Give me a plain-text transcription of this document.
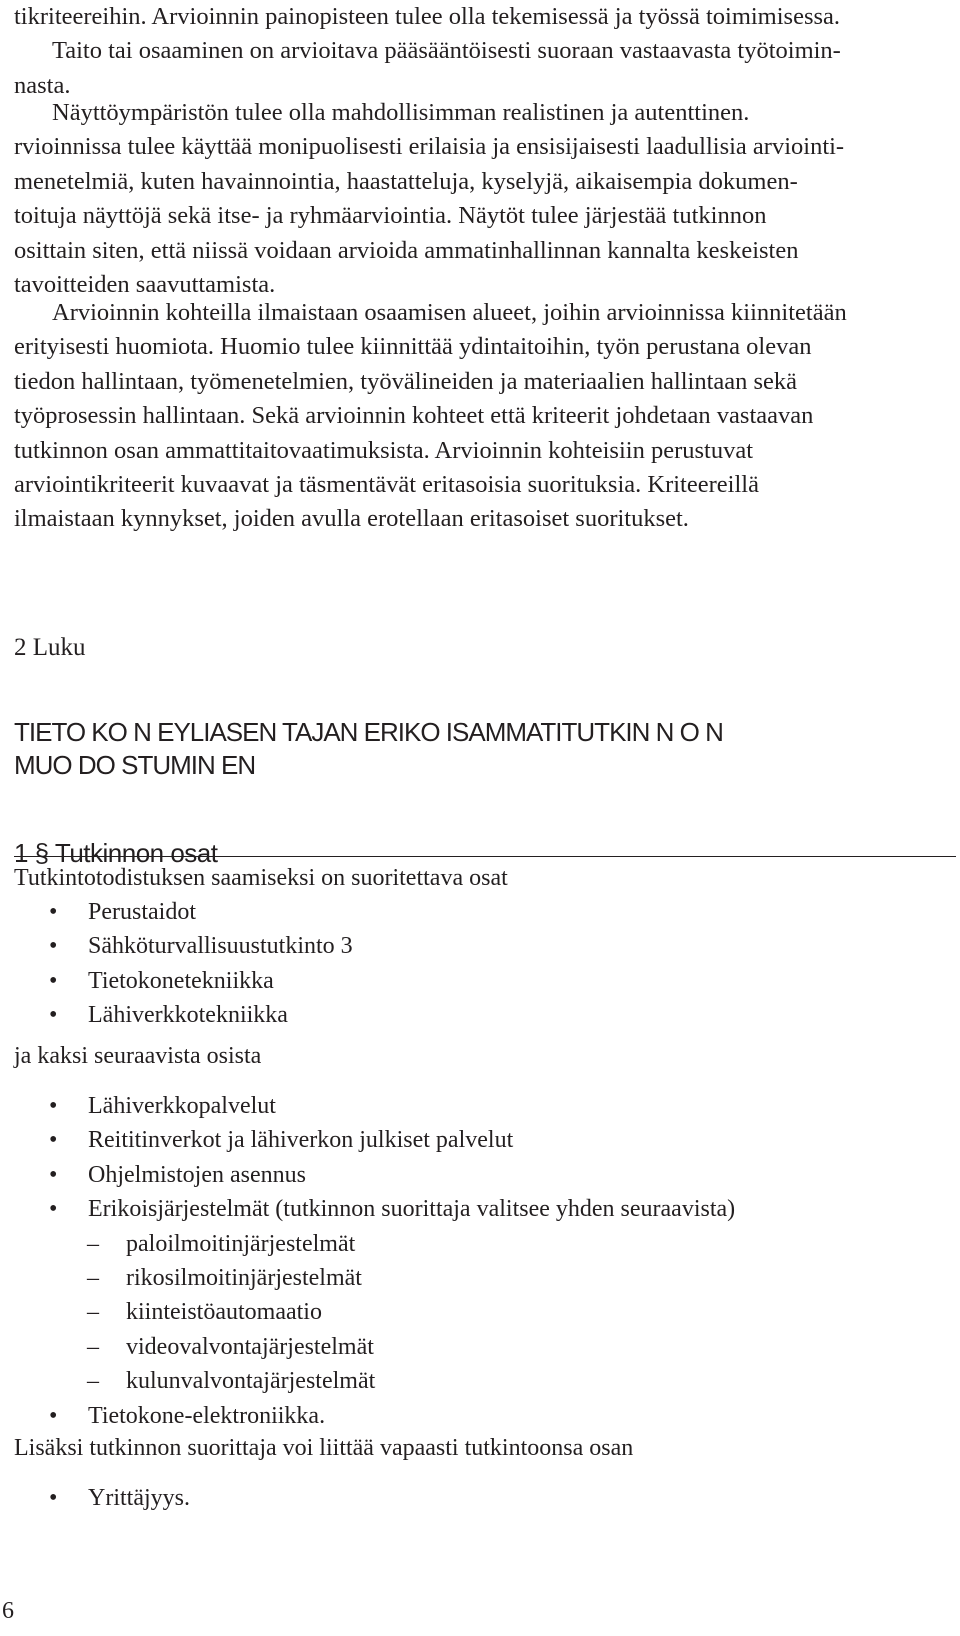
tikriteereihin. Arvioinnin painopisteen tulee olla tekemisessä ja työssä toimimisessa.
Taito tai osaaminen on arvioitava pääsääntöisesti suoraan vastaavasta työtoimin-
nasta.
Näyttöympäristön tulee olla mahdollisimman realistinen ja autenttinen.
rvioinnissa tulee käyttää monipuolisesti erilaisia ja ensisijaisesti laadullisia arviointi-
menetelmiä, kuten havainnointia, haastatteluja, kyselyjä, aikaisempia dokumen-
toituja näyttöjä sekä itse- ja ryhmäarviointia. Näytöt tulee järjestää tutkinnon
osittain siten, että niissä voidaan arvioida ammatinhallinnan kannalta keskeisten
tavoitteiden saavuttamista.
Arvioinnin kohteilla ilmaistaan osaamisen alueet, joihin arvioinnissa kiinnitetään
erityisesti huomiota. Huomio tulee kiinnittää ydintaitoihin, työn perustana olevan
tiedon hallintaan, työmenetelmien, työvälineiden ja materiaalien hallintaan sekä
työprosessin hallintaan. Sekä arvioinnin kohteet että kriteerit johdetaan vastaavan
tutkinnon osan ammattitaitovaatimuksista. Arvioinnin kohteisiin perustuvat
arviointikriteerit kuvaavat ja täsmentävät eritasoisia suorituksia. Kriteereillä
ilmaistaan kynnykset, joiden avulla erotellaan eritasoiset suoritukset.
2 Luku
TIETO KO N EYLIASEN TAJAN ERIKO ISAMMATITUTKIN N O N
MUO DO STUMIN EN
1 § Tutkinnon osat

Tutkintotodistuksen saamiseksi on suoritettava osat

• Perustaidot
• Sähköturvallisuustutkinto 3
• Tietokonetekniikka
• Lähiverkkotekniikka

ja kaksi seuraavista osista

• Lähiverkkopalvelut
• Reititinverkot ja lähiverkon julkiset palvelut
• Ohjelmistojen asennus
• Erikoisjärjestelmät (tutkinnon suorittaja valitsee yhden seuraavista)
– paloilmoitinjärjestelmät
– rikosilmoitinjärjestelmät
– kiinteistöautomaatio
– videovalvontajärjestelmät
– kulunvalvontajärjestelmät
• Tietokone-elektroniikka.

Lisäksi tutkinnon suorittaja voi liittää vapaasti tutkintoonsa osan

• Yrittäjyys.

6
